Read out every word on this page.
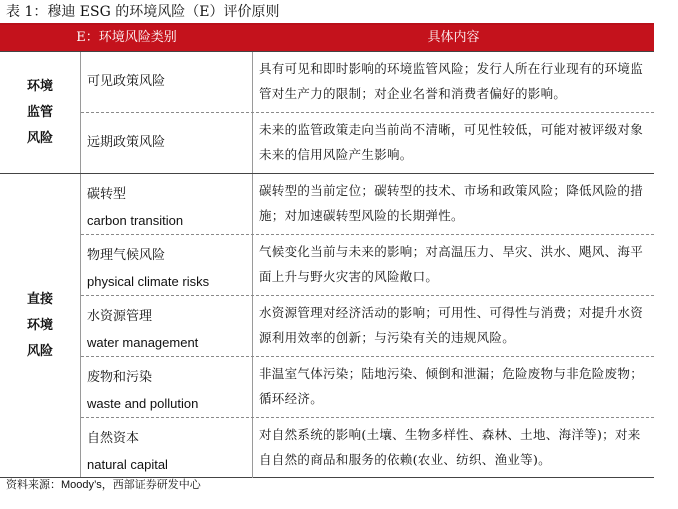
表 1：穆迪 ESG 的环境风险（E）评价原则
E：环境风险类别	具体内容
环境
监管
风险
可见政策风险
具有可见和即时影响的环境监管风险；发行人所在行业现有的环境监管对生产力的限制；对企业名誉和消费者偏好的影响。
远期政策风险
未来的监管政策走向当前尚不清晰，可见性较低，可能对被评级对象未来的信用风险产生影响。
直接
环境
风险
碳转型
carbon transition
碳转型的当前定位；碳转型的技术、市场和政策风险；降低风险的措施；对加速碳转型风险的长期弹性。
物理气候风险
physical climate risks
气候变化当前与未来的影响；对高温压力、旱灾、洪水、飓风、海平面上升与野火灾害的风险敞口。
水资源管理
water management
水资源管理对经济活动的影响；可用性、可得性与消费；对提升水资源利用效率的创新；与污染有关的违规风险。
废物和污染
waste and pollution
非温室气体污染；陆地污染、倾倒和泄漏；危险废物与非危险废物；循环经济。
自然资本
natural capital
对自然系统的影响(土壤、生物多样性、森林、土地、海洋等)；对来自自然的商品和服务的依赖(农业、纺织、渔业等)。
资料来源：Moody’s，西部证券研发中心
